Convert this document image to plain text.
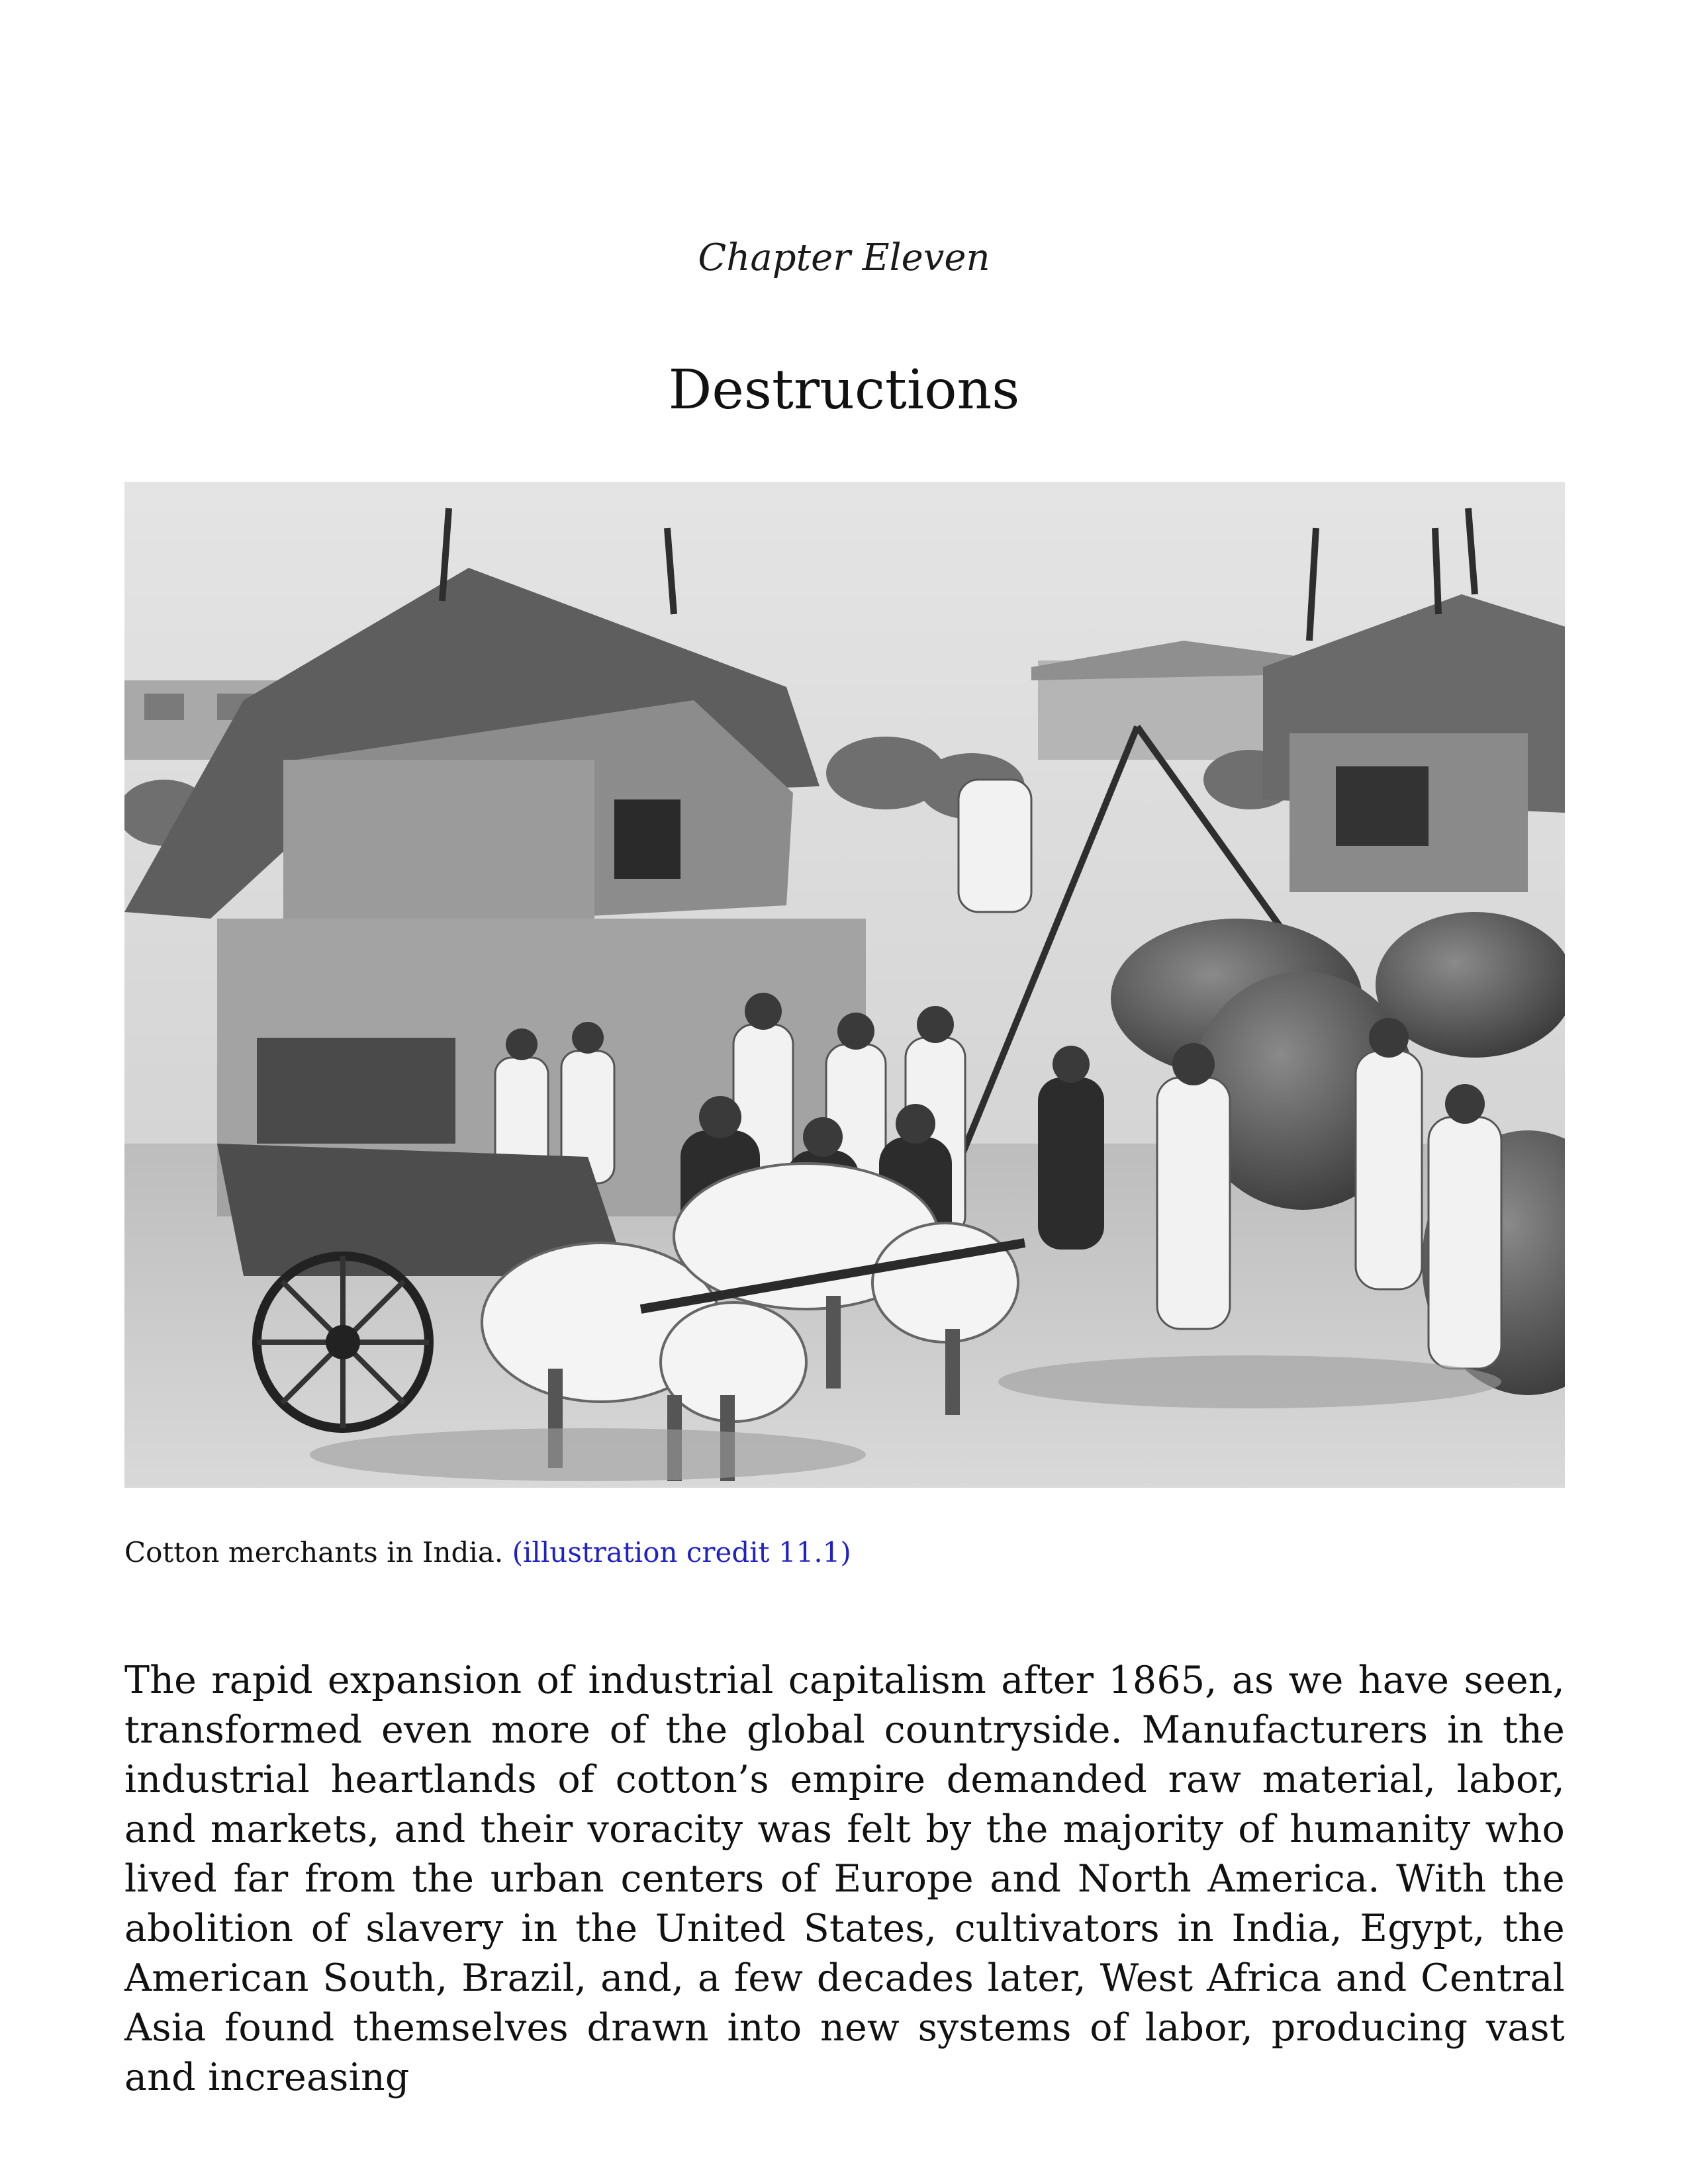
Chapter Eleven
Destructions
Cotton merchants in India. (illustration credit 11.1)

The rapid expansion of industrial capitalism after 1865, as we have seen, transformed even more of the global countryside. Manufacturers in the industrial heartlands of cotton’s empire demanded raw material, labor, and markets, and their voracity was felt by the majority of humanity who lived far from the urban centers of Europe and North America. With the abolition of slavery in the United States, cultivators in India, Egypt, the American South, Brazil, and, a few decades later, West Africa and Central Asia found themselves drawn into new systems of labor, producing vast and increasing
